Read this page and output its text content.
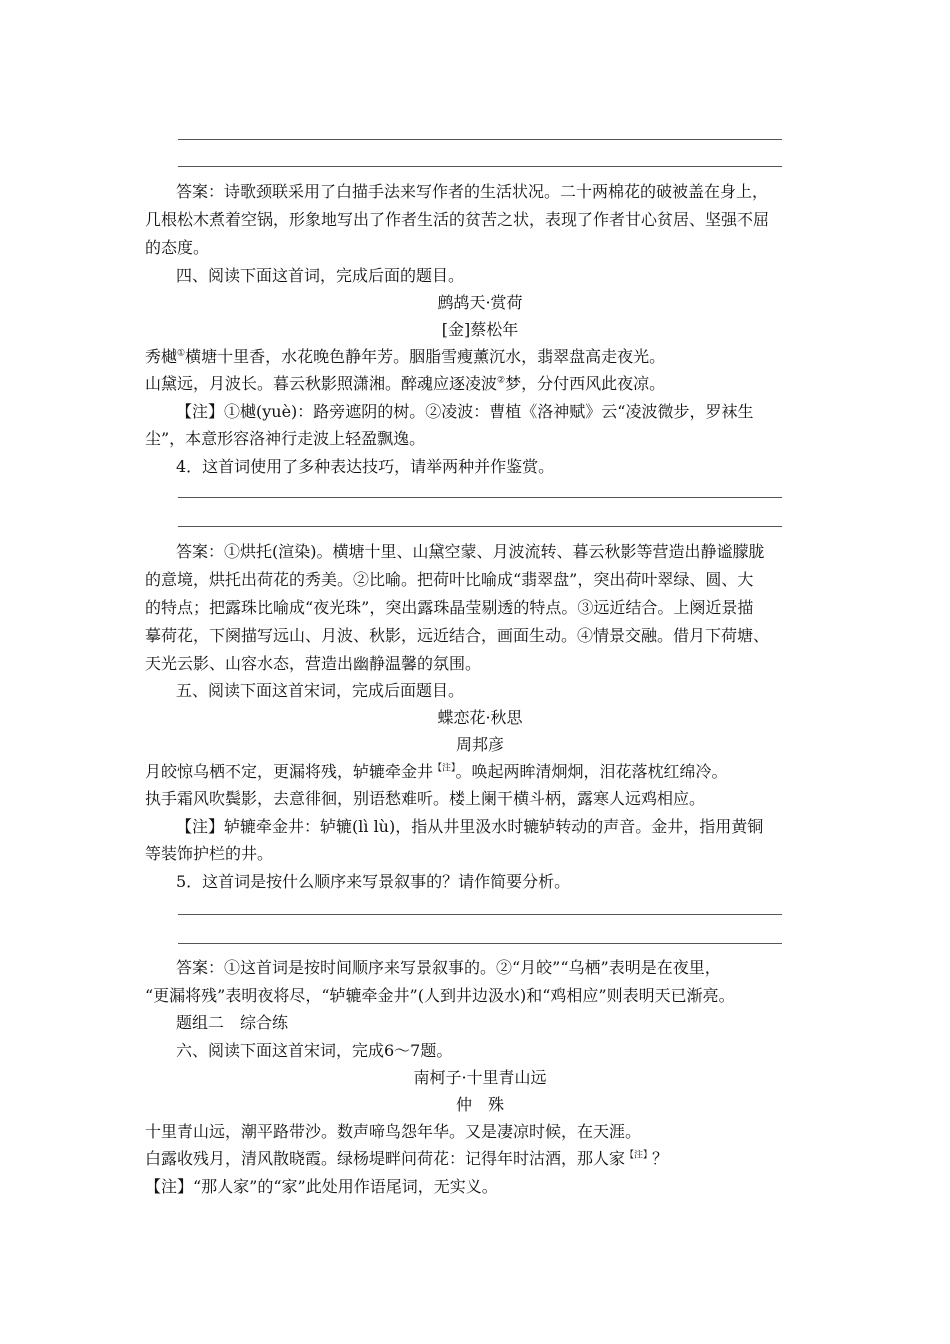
答案：诗歌颈联采用了白描手法来写作者的生活状况。二十两棉花的破被盖在身上，
几根松木煮着空锅，形象地写出了作者生活的贫苦之状，表现了作者甘心贫居、坚强不屈
的态度。
四、阅读下面这首词，完成后面的题目。
鹧鸪天·赏荷
[金]蔡松年
秀樾①横塘十里香，水花晚色静年芳。胭脂雪瘦薰沉水，翡翠盘高走夜光。
山黛远，月波长。暮云秋影照潇湘。醉魂应逐凌波②梦，分付西风此夜凉。
【注】①樾(yuè)：路旁遮阴的树。②凌波：曹植《洛神赋》云“凌波微步，罗袜生
尘”，本意形容洛神行走波上轻盈飘逸。
4．这首词使用了多种表达技巧，请举两种并作鉴赏。
答案：①烘托(渲染)。横塘十里、山黛空蒙、月波流转、暮云秋影等营造出静谧朦胧
的意境，烘托出荷花的秀美。②比喻。把荷叶比喻成“翡翠盘”，突出荷叶翠绿、圆、大
的特点；把露珠比喻成“夜光珠”，突出露珠晶莹剔透的特点。③远近结合。上阕近景描
摹荷花，下阕描写远山、月波、秋影，远近结合，画面生动。④情景交融。借月下荷塘、
天光云影、山容水态，营造出幽静温馨的氛围。
五、阅读下面这首宋词，完成后面题目。
蝶恋花·秋思
周邦彦
月皎惊乌栖不定，更漏将残，轳辘牵金井$^{【注】}$。唤起两眸清炯炯，泪花落枕红绵冷。
执手霜风吹鬓影，去意徘徊，别语愁难听。楼上阑干横斗柄，露寒人远鸡相应。
【注】轳辘牵金井：轳辘(lì lù)，指从井里汲水时辘轳转动的声音。金井，指用黄铜
等装饰护栏的井。
5．这首词是按什么顺序来写景叙事的？请作简要分析。
答案：①这首词是按时间顺序来写景叙事的。②“月皎”“乌栖”表明是在夜里，
“更漏将残”表明夜将尽，“轳辘牵金井”(人到井边汲水)和“鸡相应”则表明天已渐亮。
题组二　综合练
六、阅读下面这首宋词，完成6～7题。
南柯子·十里青山远
仲　殊
十里青山远，潮平路带沙。数声啼鸟怨年华。又是凄凉时候，在天涯。
白露收残月，清风散晓霞。绿杨堤畔问荷花：记得年时沽酒，那人家$^{【注】}$？
【注】“那人家”的“家”此处用作语尾词，无实义。
